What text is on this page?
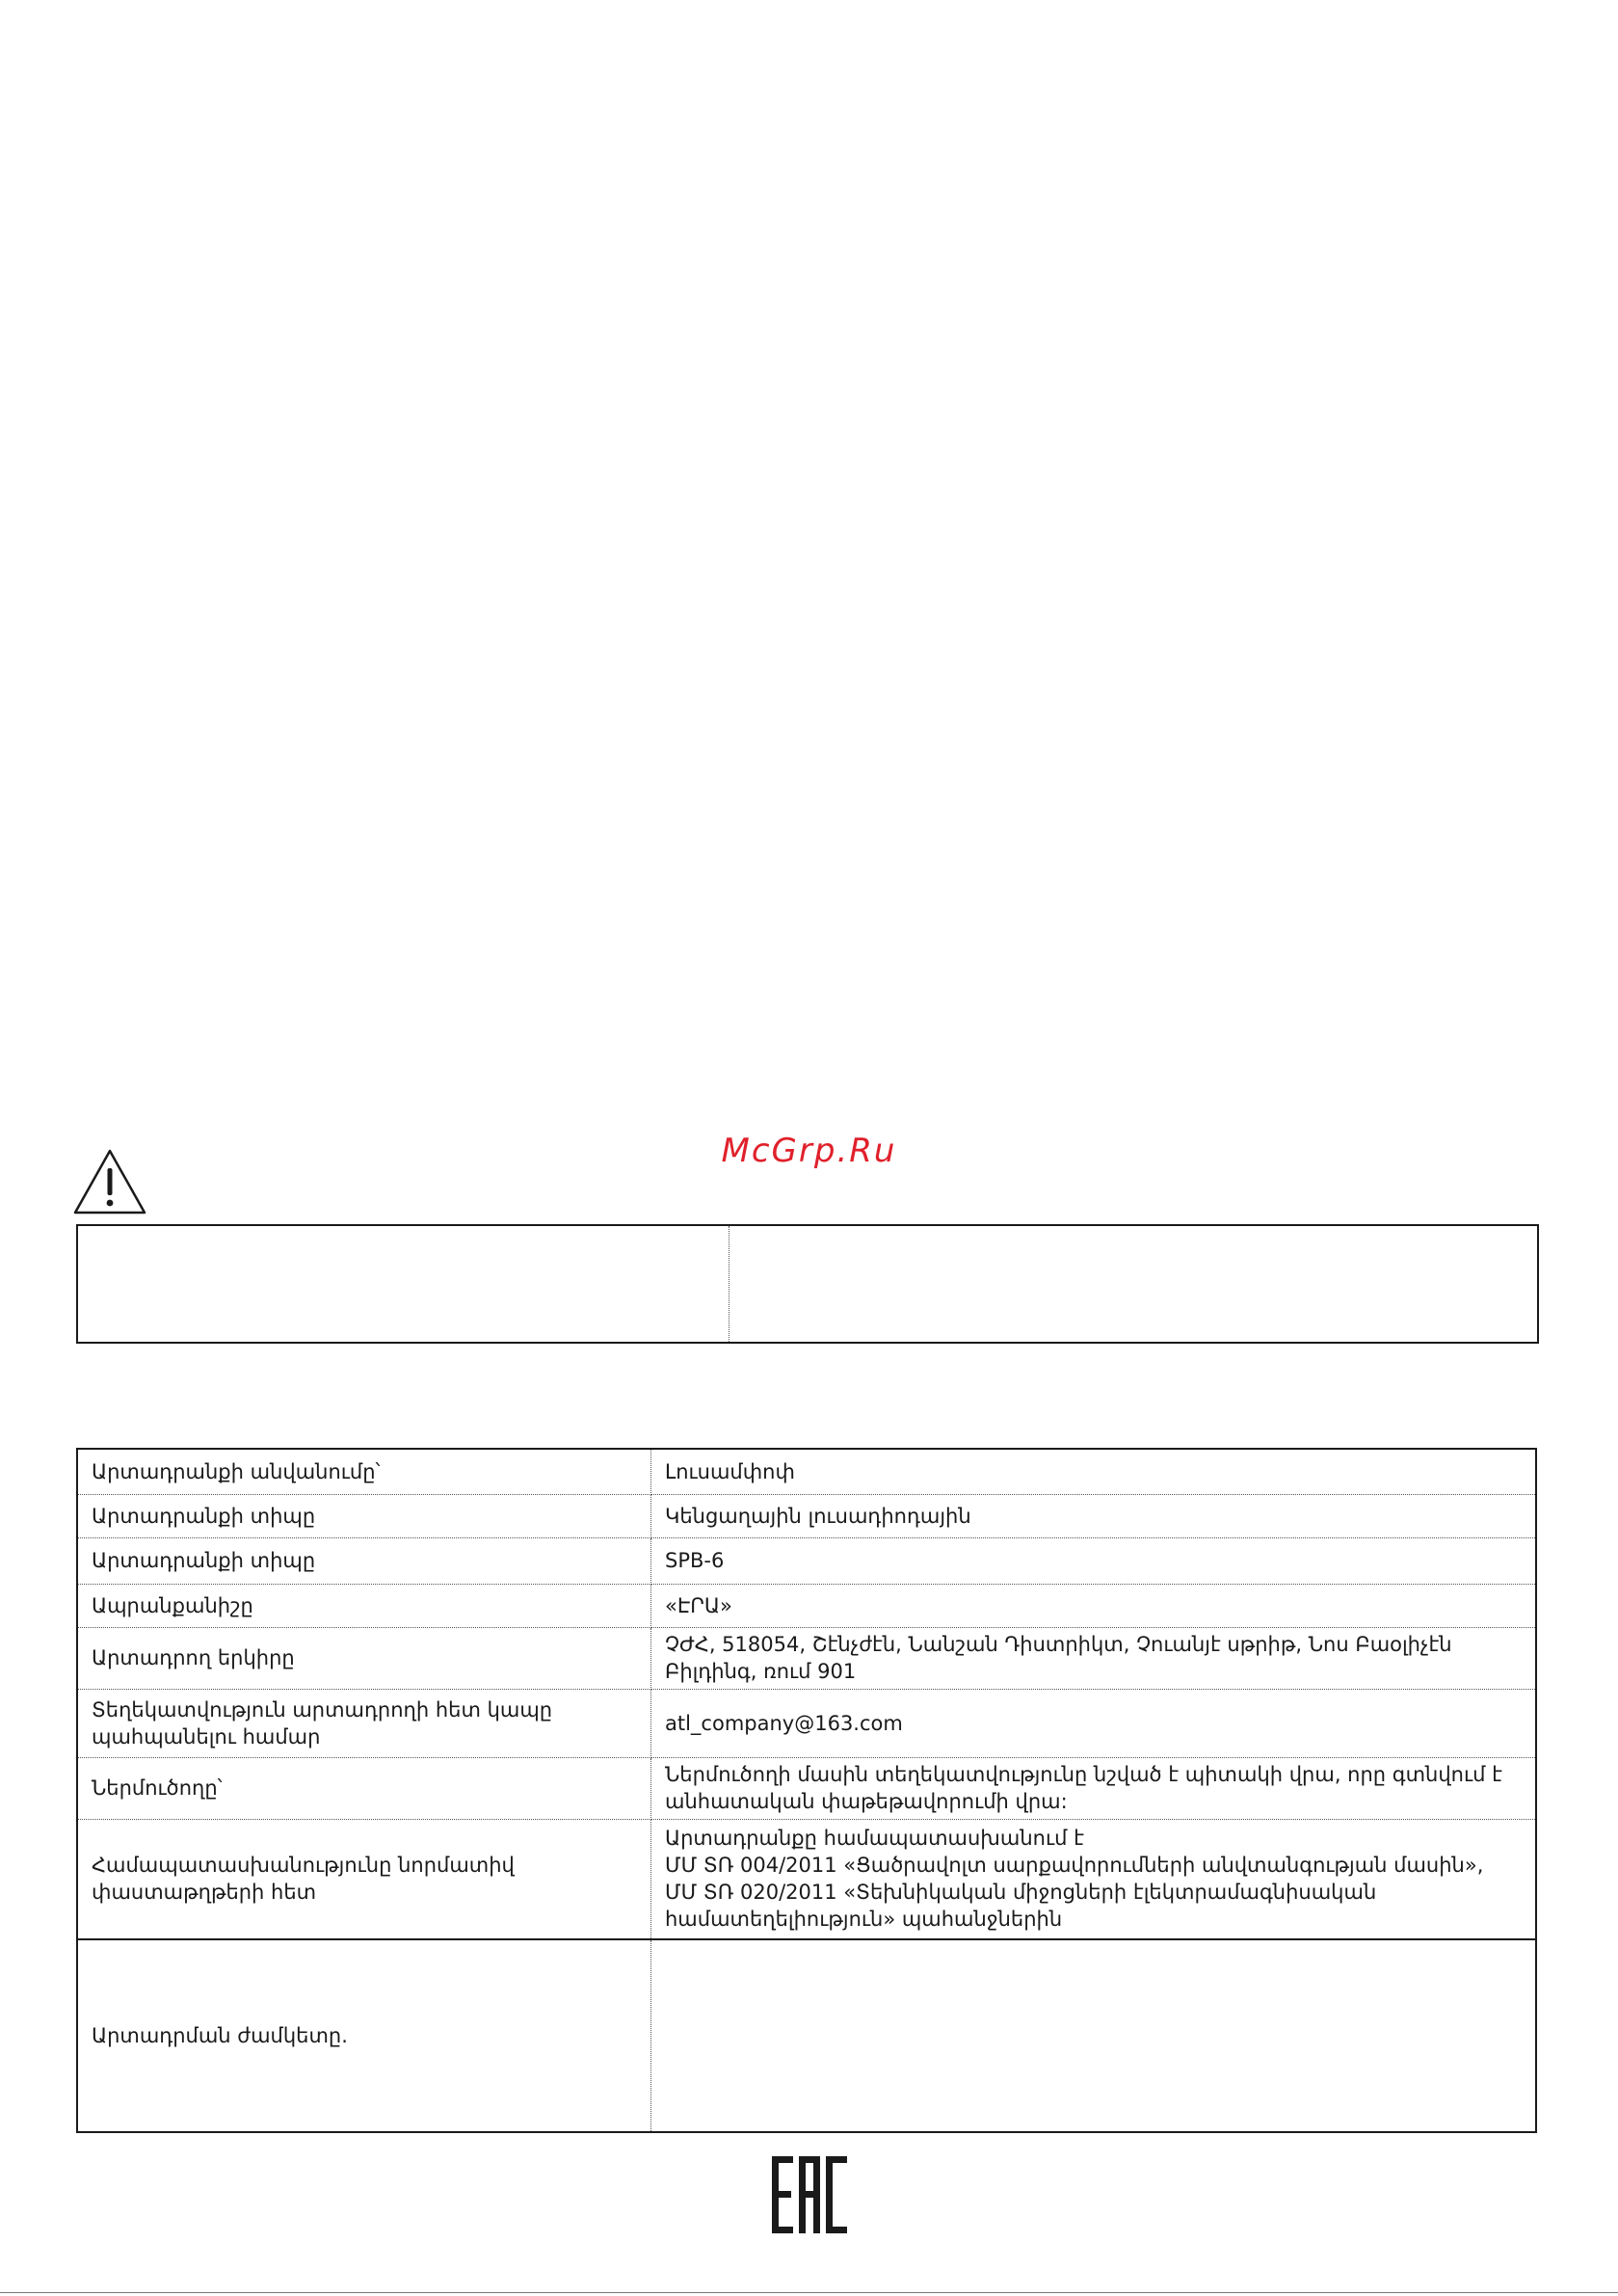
McGrp.Ru
Արտադրանքի անվանումը՝	Լուսամփոփ

Արտադրանքի տիպը	Կենցաղային լուսադիոդային

Արտադրանքի տիպը	SPB-6

Ապրանքանիշը	«ԷՐԱ»

Արտադրող երկիրը	ՉԺՀ, 518054, Շէնչժէն, Նանշան Դիստրիկտ, Չուանյէ սթրիթ, Նոս Բաօլիչէն
Բիլդինգ, ռում 901

Տեղեկատվություն արտադրողի հետ կապը
պահպանելու համար	atl_company@163.com

Ներմուծողը՝	Ներմուծողի մասին տեղեկատվությունը նշված է պիտակի վրա, որը գտնվում է
անհատական փաթեթավորումի վրա:

Համապատասխանությունը նորմատիվ
փաստաթղթերի հետ	Արտադրանքը համապատասխանում է
ՄՄ ՏՌ 004/2011 «Ցածրավոլտ սարքավորումների անվտանգության մասին»,
ՄՄ ՏՌ 020/2011 «Տեխնիկական միջոցների էլեկտրամագնիսական
համատեղելիություն» պահանջներին

Արտադրման ժամկետը.	
